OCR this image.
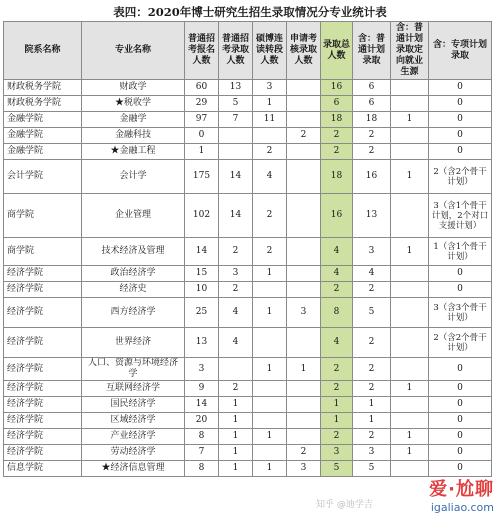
表四：2020年博士研究生招生录取情况分专业统计表
院系名称	专业名称	普通招考报名人数	普通招考录取人数	硕博连读转段人数	申请考核录取人数	录取总人数	含：普通计划录取	含：普通计划录取定向就业生源	含：专项计划录取
财政税务学院	财政学	60	13	3		16	6		0
财政税务学院	★税收学	29	5	1		6	6		0
金融学院	金融学	97	7	11		18	18	1	0
金融学院	金融科技	0			2	2	2		0
金融学院	★金融工程	1		2		2	2		0
会计学院	会计学	175	14	4		18	16	1	2（含2个骨干计划）
商学院	企业管理	102	14	2		16	13		3（含1个骨干计划，2个对口支援计划）
商学院	技术经济及管理	14	2	2		4	3	1	1（含1个骨干计划）
经济学院	政治经济学	15	3	1		4	4		0
经济学院	经济史	10	2			2	2		0
经济学院	西方经济学	25	4	1	3	8	5		3（含3个骨干计划）
经济学院	世界经济	13	4			4	2		2（含2个骨干计划）
经济学院	人口、资源与环境经济学	3		1	1	2	2		0
经济学院	互联网经济学	9	2			2	2	1	0
经济学院	国民经济学	14	1			1	1		0
经济学院	区域经济学	20	1			1	1		0
经济学院	产业经济学	8	1	1		2	2	1	0
经济学院	劳动经济学	7	1		2	3	3	1	0
信息学院	★经济信息管理	8	1	1	3	5	5		0
知乎 @迪学吉
爱·尬聊
igaliao.com
